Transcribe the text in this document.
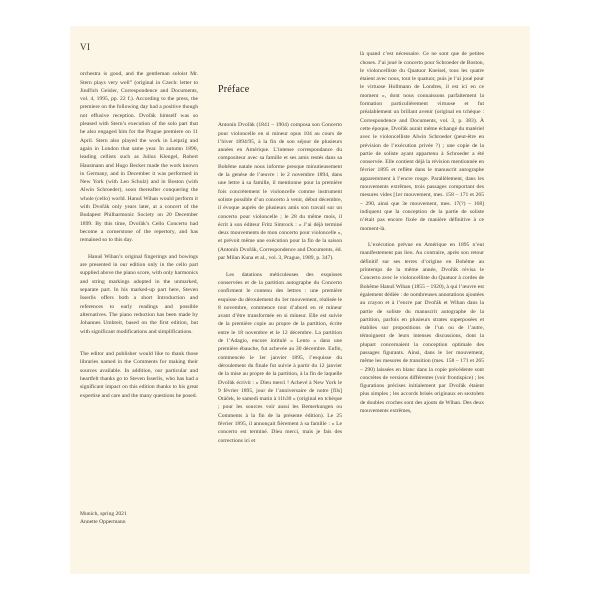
VI

orchestra is good, and the gentleman soloist Mr. Stern plays very well” (original in Czech: letter to Jindřich Geisler, Correspondence and Documents, vol. 4, 1995, pp. 22 f.). According to the press, the premiere on the following day had a positive though not effusive reception. Dvořák himself was so pleased with Stern’s execution of the solo part that he also engaged him for the Prague premiere on 11 April. Stern also played the work in Leipzig and again in London that same year. In autumn 1896, leading cellists such as Julius Klengel, Robert Hausmann and Hugo Becker made the work known in Germany, and in December it was performed in New York (with Leo Schulz) and in Boston (with Alwin Schroeder), soon thereafter conquering the whole (cello) world. Hanuš Wihan would perform it with Dvořák only years later, at a concert of the Budapest Philharmonic Society on 20 December 1899. By this time, Dvořák’s Cello Concerto had become a cornerstone of the repertory, and has remained so to this day.

Hanuš Wihan’s original fingerings and bowings are presented in our edition only in the cello part supplied above the piano score, with only harmonics and string markings adopted in the unmarked, separate part. In his marked-up part here, Steven Isserlis offers both a short Introduction and references to early readings and possible alternatives. The piano reduction has been made by Johannes Umbreit, based on the first edition, but with significant modifications and simplifications.

The editor and publisher would like to thank those libraries named in the Comments for making their sources available. In addition, our particular and heartfelt thanks go to Steven Isserlis, who has had a significant impact on this edition thanks to his great expertise and care and the many questions he posed.

Munich, spring 2021
Annette Oppermann
Préface

Antonín Dvořák (1841 – 1904) composa son Concerto pour violoncelle en si mineur opus 104 au cours de l’hiver 1894/95, à la fin de son séjour de plusieurs années en Amérique. L’intense correspondance du compositeur avec sa famille et ses amis restés dans sa Bohême natale nous informe presque minutieusement de la genèse de l’œuvre : le 2 novembre 1894, dans une lettre à sa famille, il mentionne pour la première fois concrètement le violoncelle comme instrument soliste possible d’un concerto à venir, début décembre, il évoque auprès de plusieurs amis son travail sur un concerto pour violoncelle ; le 28 du même mois, il écrit à son éditeur Fritz Simrock : « J’ai déjà terminé deux mouvements de mon concerto pour violoncelle », et prévoit même une exécution pour la fin de la saison (Antonín Dvořák, Correspondence and Documents, éd. par Milan Kuna et al., vol. 3, Prague, 1989, p. 347).

Les datations méticuleuses des esquisses conservées et de la partition autographe du Concerto confirment le contenu des lettres : une première esquisse du déroulement du 1er mouvement, réalisée le 8 novembre, commence tout d’abord en ré mineur avant d’être transformée en si mineur. Elle est suivie de la première copie au propre de la partition, écrite entre le 18 novembre et le 12 décembre. La partition de l’Adagio, encore intitulé « Lento » dans une première ébauche, fut achevée au 30 décembre. Enfin, commencée le 1er janvier 1895, l’esquisse du déroulement du finale fut suivie à partir du 12 janvier de la mise au propre de la partition, à la fin de laquelle Dvořák écrivit : « Dieu merci ! Achevé à New York le 9 février 1895, jour de l’anniversaire de notre [fils] Otáček, le samedi matin à 11h30 » (original en tchèque ; pour les sources voir aussi les Bemerkungen ou Comments à la fin de la présente édition). Le 25 février 1895, il annonçait fièrement à sa famille : « Le concerto est terminé. Dieu merci, mais je fais des corrections ici et

là quand c’est nécessaire. Ce ne sont que de petites choses. J’ai joué le concerto pour Schroeder de Boston, le violoncelliste du Quatuor Kneisel, tous les quatre étaient avec nous, tout le quatuor, puis je l’ai joué pour le virtuose Hollmann de Londres, il est ici en ce moment », dont nous connaissons parfaitement la formation particulièrement virtuose et fut préalablement un brillant avenir (original en tchèque : Correspondence and Documents, vol. 3, p. 383). À cette époque, Dvořák aurait même échangé du matériel avec le violoncelliste Alwin Schroeder (peut-être en prévision de l’exécution privée ?) ; une copie de la partie de soliste ayant appartenu à Schroeder a été conservée. Elle contient déjà la révision mentionnée en février 1895 et reflète dans le manuscrit autographe apparemment à l’encre rouge. Parallèlement, dans les mouvements extrêmes, trois passages comportant des mesures vides [1er mouvement, mes. 158 – 171 et 265 – 290, ainsi que 3e mouvement, mes. 17(?) – 168] indiquent que la conception de la partie de soliste n’était pas encore fixée de manière définitive à ce moment-là.

L’exécution prévue en Amérique en 1895 n’eut manifestement pas lieu. Au contraire, après son retour définitif sur ses terres d’origine en Bohême au printemps de la même année, Dvořák révisa le Concerto avec le violoncelliste du Quatuor à cordes de Bohême Hanuš Wihan (1855 – 1920), à qui l’œuvre est également dédiée : de nombreuses annotations ajoutées au crayon et à l’encre par Dvořák et Wihan dans la partie de soliste du manuscrit autographe de la partition, parfois en plusieurs strates superposées et établies sur propositions de l’un ou de l’autre, témoignent de leurs intenses discussions, dont la plupart concernaient la conception optimale des passages figurants. Ainsi, dans le 1er mouvement, même les mesures de transition (mes. 158 – 171 et 265 – 290) laissées en blanc dans la copie précédente sont concrètes de versions différentes (voir frontispice) ; les figurations précises initialement par Dvořák étaient plus simples ; les accords brisés originaux en sextolets de doubles croches sont des ajouts de Wihan. Des deux mouvements extrêmes,
